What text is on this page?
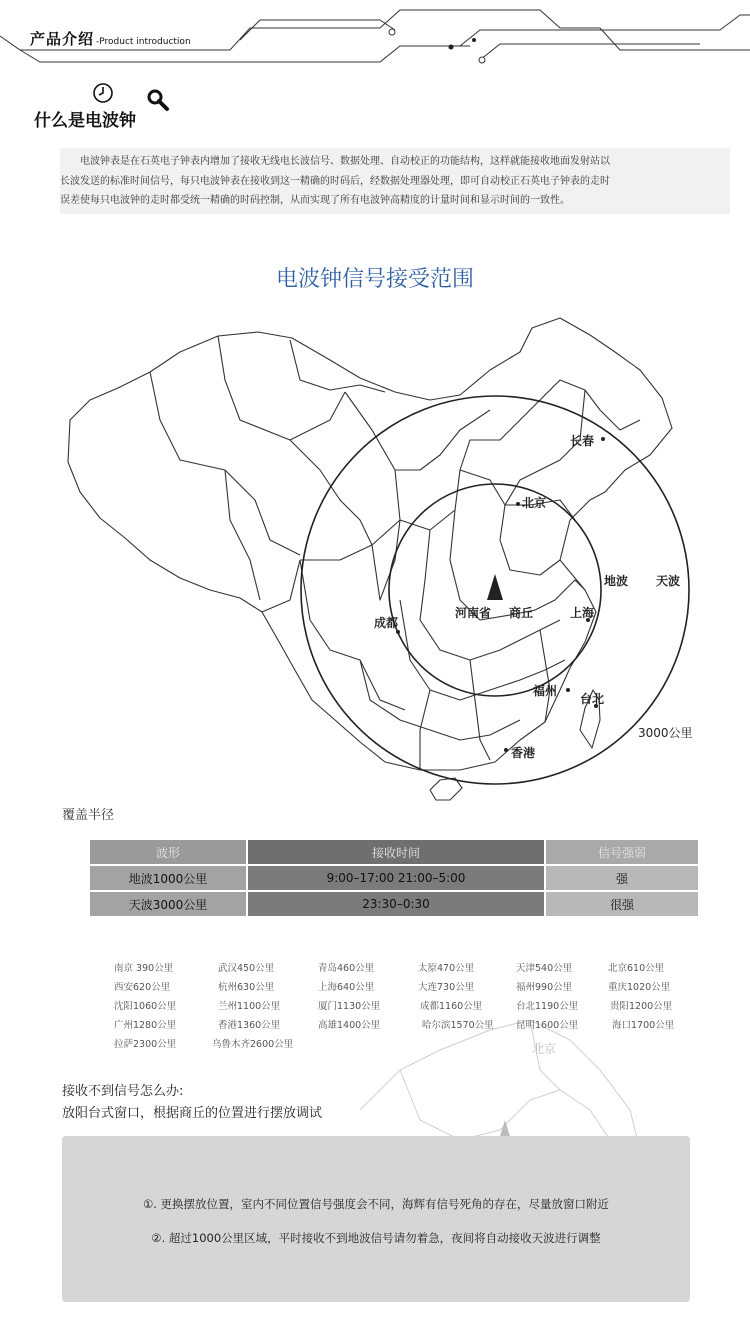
产品介绍 -Product introduction
什么是电波钟

电波钟表是在石英电子钟表内增加了接收无线电长波信号、数据处理、自动校正的功能结构，这样就能接收地面发射站以

长波发送的标准时间信号，每只电波钟表在接收到这一精确的时码后，经数据处理器处理，即可自动校正石英电子钟表的走时
误差使每只电波钟的走时都受统一精确的时码控制，从而实现了所有电波钟高精度的计量时间和显示时间的一致性。
电波钟信号接受范围
长春
北京
河南省 商丘	上海
成都
福州
台北
香港
地波 天波
3000公里
覆盖半径
波形	接收时间	信号强弱
地波1000公里	9:00–17:00 21:00–5:00	强
天波3000公里	23:30–0:30	很强
北京
南京 390公里	武汉450公里	青岛460公里	太原470公里	天津540公里	北京610公里
西安620公里	杭州630公里	上海640公里	大连730公里	福州990公里	重庆1020公里
沈阳1060公里	兰州1100公里	厦门1130公里	成都1160公里	台北1190公里	贵阳1200公里
广州1280公里	香港1360公里	高雄1400公里	哈尔滨1570公里 昆明1600公里	海口1700公里
拉萨2300公里	乌鲁木齐2600公里
接收不到信号怎么办:
放阳台式窗口，根据商丘的位置进行摆放调试
①. 更换摆放位置，室内不同位置信号强度会不同，海辉有信号死角的存在，尽量放窗口附近
②. 超过1000公里区域，平时接收不到地波信号请勿着急，夜间将自动接收天波进行调整
